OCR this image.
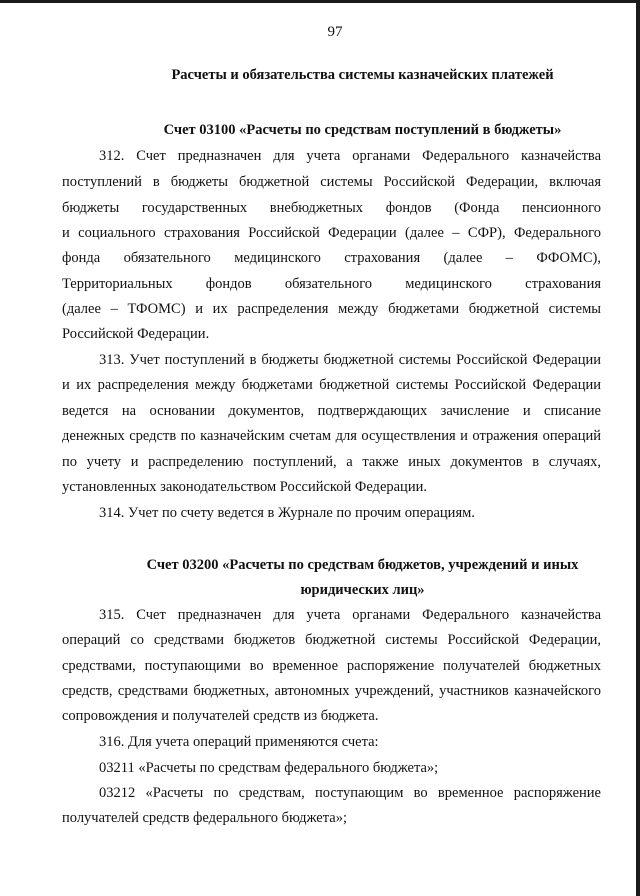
97
Расчеты и обязательства системы казначейских платежей
Счет 03100 «Расчеты по средствам поступлений в бюджеты»
312. Счет предназначен для учета органами Федерального казначейства
поступлений в бюджеты бюджетной системы Российской Федерации, включая
бюджеты государственных внебюджетных фондов (Фонда пенсионного
и социального страхования Российской Федерации (далее – СФР), Федерального
фонда обязательного медицинского страхования (далее – ФФОМС),
Территориальных фондов обязательного медицинского страхования
(далее – ТФОМС) и их распределения между бюджетами бюджетной системы
Российской Федерации.
313. Учет поступлений в бюджеты бюджетной системы Российской Федерации
и их распределения между бюджетами бюджетной системы Российской Федерации
ведется на основании документов, подтверждающих зачисление и списание
денежных средств по казначейским счетам для осуществления и отражения операций
по учету и распределению поступлений, а также иных документов в случаях,
установленных законодательством Российской Федерации.
314. Учет по счету ведется в Журнале по прочим операциям.
Счет 03200 «Расчеты по средствам бюджетов, учреждений и иных
юридических лиц»
315. Счет предназначен для учета органами Федерального казначейства
операций со средствами бюджетов бюджетной системы Российской Федерации,
средствами, поступающими во временное распоряжение получателей бюджетных
средств, средствами бюджетных, автономных учреждений, участников казначейского
сопровождения и получателей средств из бюджета.
316. Для учета операций применяются счета:
03211 «Расчеты по средствам федерального бюджета»;
03212 «Расчеты по средствам, поступающим во временное распоряжение
получателей средств федерального бюджета»;
